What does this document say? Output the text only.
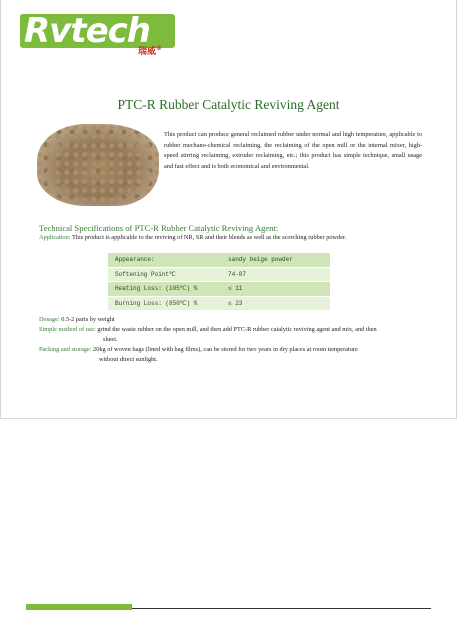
Rvtech
瑞威®
PTC-R Rubber Catalytic Reviving Agent
This product can produce general reclaimed rubber under normal and high temperature, applicable to rubber mechano-chemical reclaiming, the reclaiming of the open mill or the internal mixer, high-speed stirring reclaiming, extruder reclaiming, etc.; this product has simple technique, small usage and fast effect and is both economical and environmental.
Technical Specifications of PTC-R Rubber Catalytic Reviving Agent:
Application: This product is applicable to the reviving of NR, SR and their blends as well as the scorching rubber powder.
Appearance:	sandy beige powder
Softening Point℃	74-87
Heating Loss: (105℃) %	≤ 11
Burning Loss: (850℃) %	≤ 23
Dosage: 0.5-2 parts by weight
Simple method of use: grind the waste rubber on the open mill, and then add PTC-R rubber catalytic reviving agent and mix, and then
sheet.
Packing and storage: 20kg of woven bags (lined with bag films), can be stored for two years in dry places at room temperature
without direct sunlight.
